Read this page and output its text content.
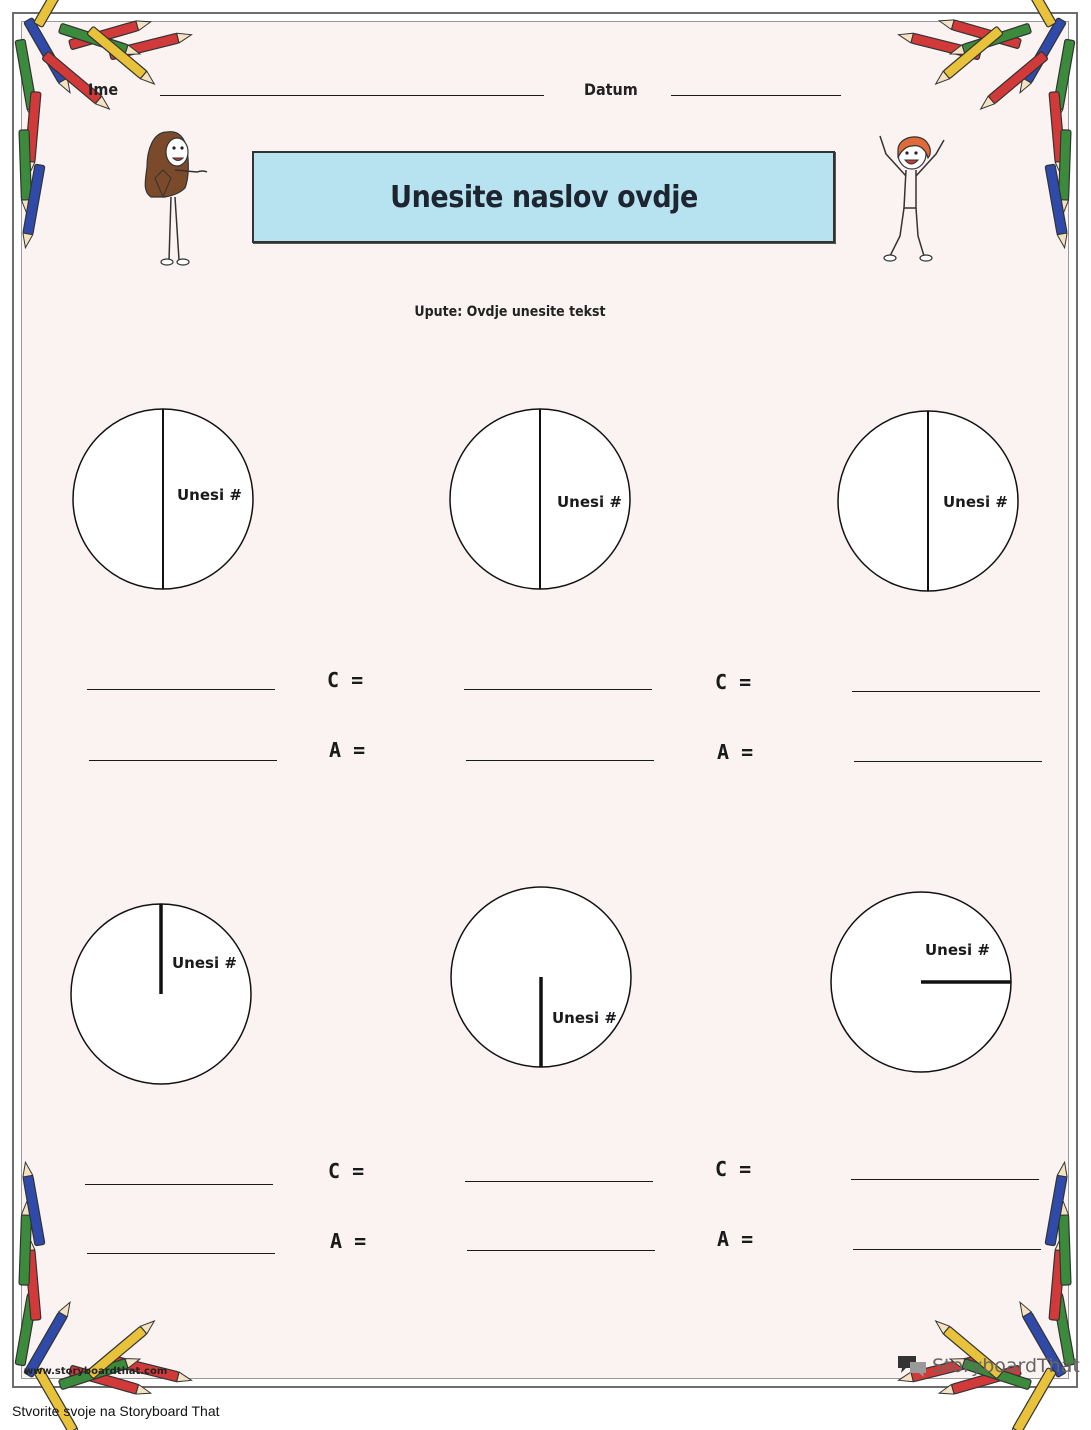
Ime	Datum
Unesite naslov ovdje
Upute: Ovdje unesite tekst
Unesi #	Unesi #	Unesi #
Unesi #
Unesi #
Unesi #
C =
A =
C =
A =
C =
A =
C =
A =
www.storyboardthat.com	StoryboardThat
Stvorite svoje na Storyboard That
